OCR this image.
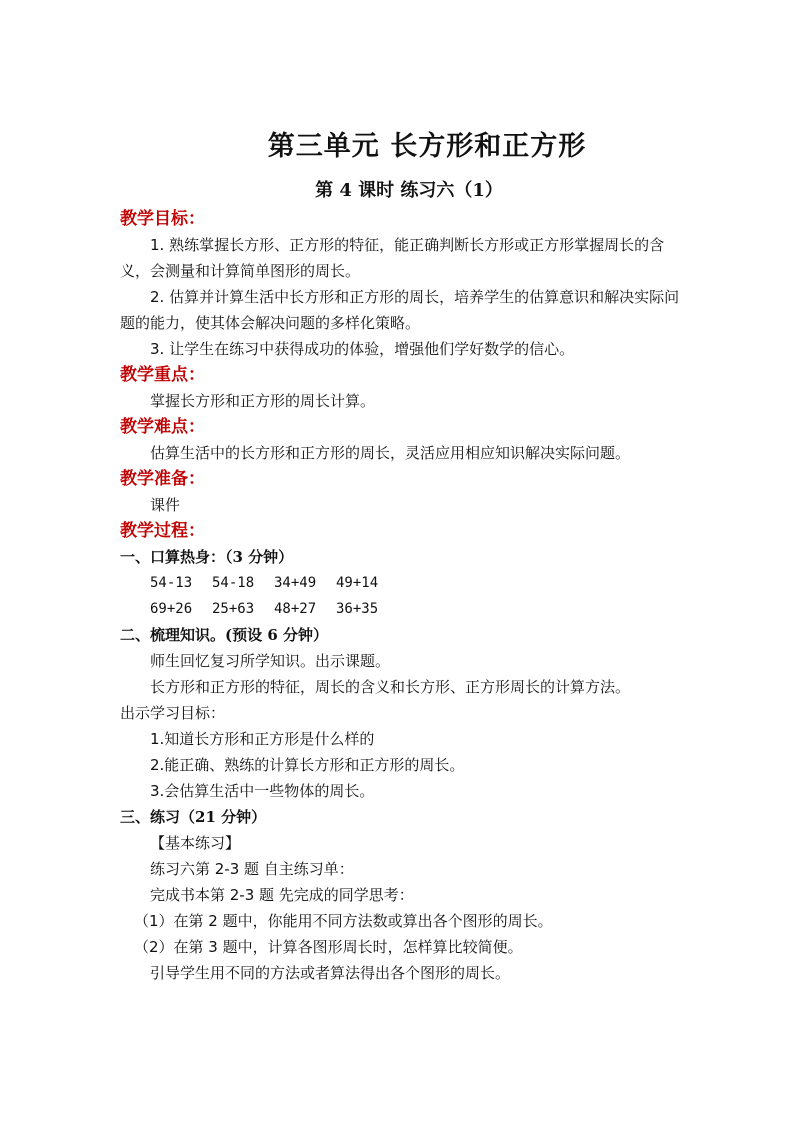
第三单元 长方形和正方形
第 4 课时 练习六（1）
教学目标：

1. 熟练掌握长方形、正方形的特征，能正确判断长方形或正方形掌握周长的含义，会测量和计算简单图形的周长。

2. 估算并计算生活中长方形和正方形的周长，培养学生的估算意识和解决实际问题的能力，使其体会解决问题的多样化策略。

3. 让学生在练习中获得成功的体验，增强他们学好数学的信心。

教学重点：

掌握长方形和正方形的周长计算。

教学难点：

估算生活中的长方形和正方形的周长，灵活应用相应知识解决实际问题。

教学准备：

课件

教学过程：
一、口算热身：（3 分钟）
54-13 54-18 34+49 49+14
69+26 25+63 48+27 36+35
二、梳理知识。(预设 6 分钟）

师生回忆复习所学知识。出示课题。

长方形和正方形的特征，周长的含义和长方形、正方形周长的计算方法。

出示学习目标：

1.知道长方形和正方形是什么样的

2.能正确、熟练的计算长方形和正方形的周长。

3.会估算生活中一些物体的周长。

三、练习（21 分钟）

【基本练习】

练习六第 2-3 题 自主练习单：

完成书本第 2-3 题 先完成的同学思考：

（1）在第 2 题中，你能用不同方法数或算出各个图形的周长。

（2）在第 3 题中，计算各图形周长时，怎样算比较简便。

引导学生用不同的方法或者算法得出各个图形的周长。
